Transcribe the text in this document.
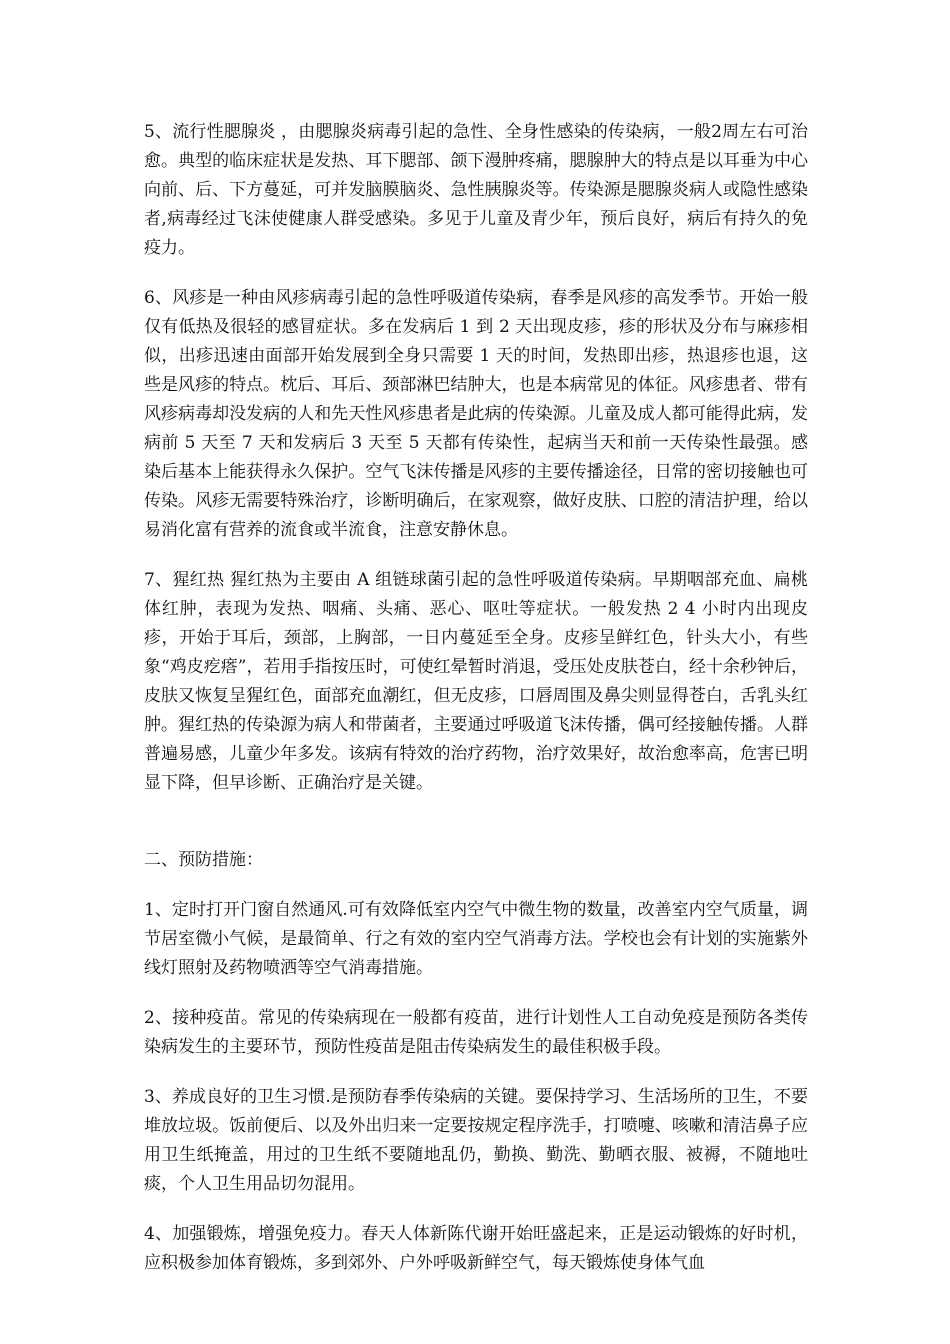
5、流行性腮腺炎 ，由腮腺炎病毒引起的急性、全身性感染的传染病，一般2周左右可治愈。典型的临床症状是发热、耳下腮部、颌下漫肿疼痛，腮腺肿大的特点是以耳垂为中心向前、后、下方蔓延，可并发脑膜脑炎、急性胰腺炎等。传染源是腮腺炎病人或隐性感染者,病毒经过飞沫使健康人群受感染。多见于儿童及青少年，预后良好，病后有持久的免疫力。

6、风疹是一种由风疹病毒引起的急性呼吸道传染病，春季是风疹的高发季节。开始一般仅有低热及很轻的感冒症状。多在发病后 1 到 2 天出现皮疹，疹的形状及分布与麻疹相似，出疹迅速由面部开始发展到全身只需要 1 天的时间，发热即出疹，热退疹也退，这些是风疹的特点。枕后、耳后、颈部淋巴结肿大，也是本病常见的体征。风疹患者、带有风疹病毒却没发病的人和先天性风疹患者是此病的传染源。儿童及成人都可能得此病，发病前 5 天至 7 天和发病后 3 天至 5 天都有传染性，起病当天和前一天传染性最强。感染后基本上能获得永久保护。空气飞沫传播是风疹的主要传播途径，日常的密切接触也可传染。风疹无需要特殊治疗，诊断明确后，在家观察，做好皮肤、口腔的清洁护理，给以易消化富有营养的流食或半流食，注意安静休息。

7、猩红热 猩红热为主要由 A 组链球菌引起的急性呼吸道传染病。早期咽部充血、扁桃体红肿，表现为发热、咽痛、头痛、恶心、呕吐等症状。一般发热 2 4 小时内出现皮疹，开始于耳后，颈部，上胸部，一日内蔓延至全身。皮疹呈鲜红色，针头大小，有些象“鸡皮疙瘩”，若用手指按压时，可使红晕暂时消退，受压处皮肤苍白，经十余秒钟后，皮肤又恢复呈猩红色，面部充血潮红，但无皮疹，口唇周围及鼻尖则显得苍白，舌乳头红肿。猩红热的传染源为病人和带菌者，主要通过呼吸道飞沫传播，偶可经接触传播。人群普遍易感，儿童少年多发。该病有特效的治疗药物，治疗效果好，故治愈率高，危害已明显下降，但早诊断、正确治疗是关键。

二、预防措施：

1、定时打开门窗自然通风.可有效降低室内空气中微生物的数量，改善室内空气质量，调节居室微小气候，是最简单、行之有效的室内空气消毒方法。学校也会有计划的实施紫外线灯照射及药物喷洒等空气消毒措施。

2、接种疫苗。常见的传染病现在一般都有疫苗，进行计划性人工自动免疫是预防各类传染病发生的主要环节，预防性疫苗是阻击传染病发生的最佳积极手段。

3、养成良好的卫生习惯.是预防春季传染病的关键。要保持学习、生活场所的卫生，不要堆放垃圾。饭前便后、以及外出归来一定要按规定程序洗手，打喷嚏、咳嗽和清洁鼻子应用卫生纸掩盖，用过的卫生纸不要随地乱仍，勤换、勤洗、勤晒衣服、被褥，不随地吐痰，个人卫生用品切勿混用。

4、加强锻炼，增强免疫力。春天人体新陈代谢开始旺盛起来，正是运动锻炼的好时机，应积极参加体育锻炼，多到郊外、户外呼吸新鲜空气，每天锻炼使身体气血
